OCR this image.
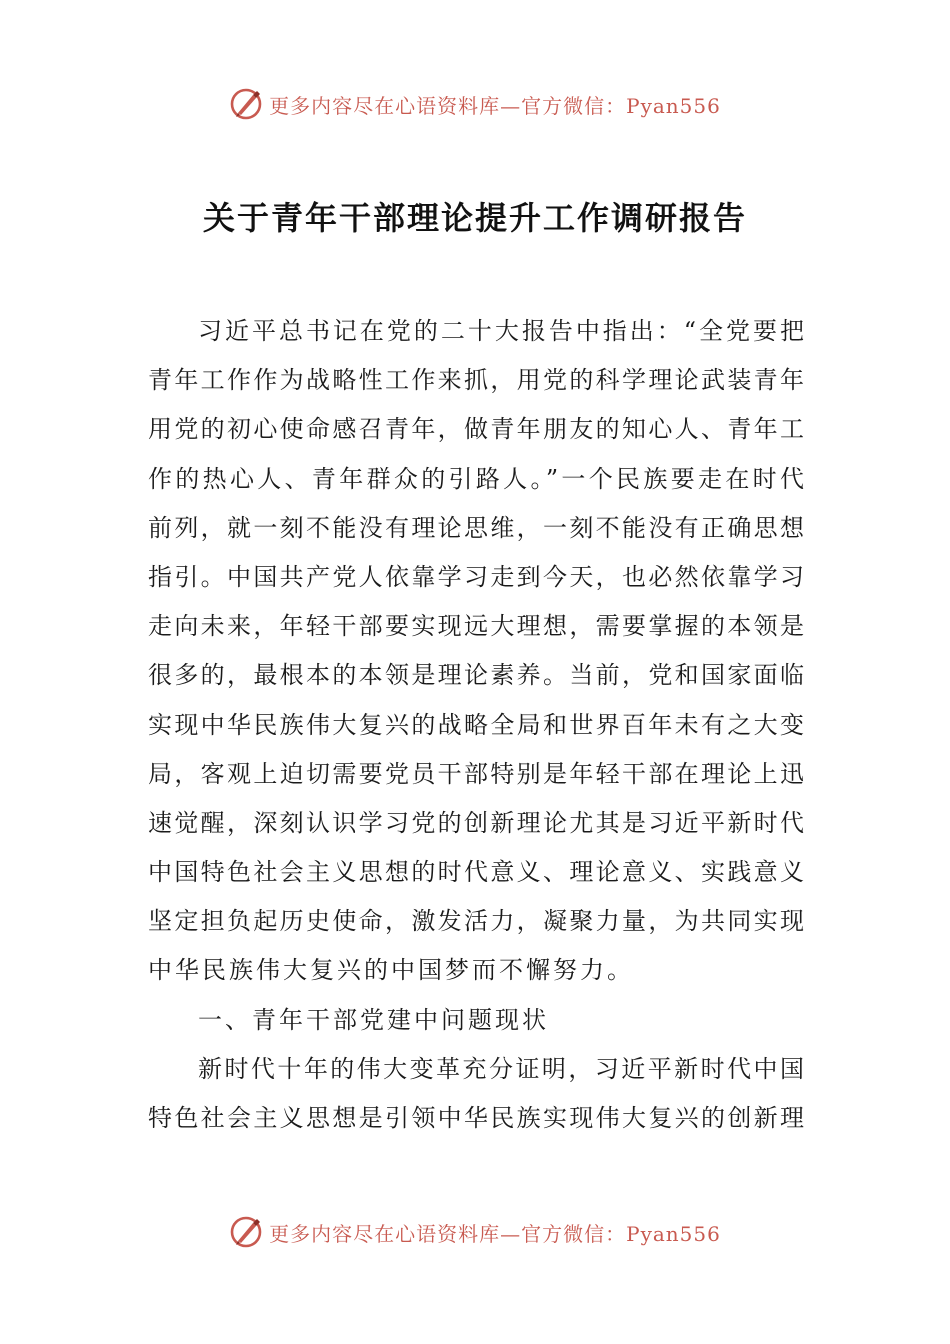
更多内容尽在心语资料库—官方微信：Pyan556
关于青年干部理论提升工作调研报告
习近平总书记在党的二十大报告中指出：“全党要把
青年工作作为战略性工作来抓，用党的科学理论武装青年
用党的初心使命感召青年，做青年朋友的知心人、青年工
作的热心人、青年群众的引路人。”一个民族要走在时代
前列，就一刻不能没有理论思维，一刻不能没有正确思想
指引。中国共产党人依靠学习走到今天，也必然依靠学习
走向未来，年轻干部要实现远大理想，需要掌握的本领是
很多的，最根本的本领是理论素养。当前，党和国家面临
实现中华民族伟大复兴的战略全局和世界百年未有之大变
局，客观上迫切需要党员干部特别是年轻干部在理论上迅
速觉醒，深刻认识学习党的创新理论尤其是习近平新时代
中国特色社会主义思想的时代意义、理论意义、实践意义
坚定担负起历史使命，激发活力，凝聚力量，为共同实现
中华民族伟大复兴的中国梦而不懈努力。
一、青年干部党建中问题现状
新时代十年的伟大变革充分证明，习近平新时代中国
特色社会主义思想是引领中华民族实现伟大复兴的创新理
更多内容尽在心语资料库—官方微信：Pyan556
